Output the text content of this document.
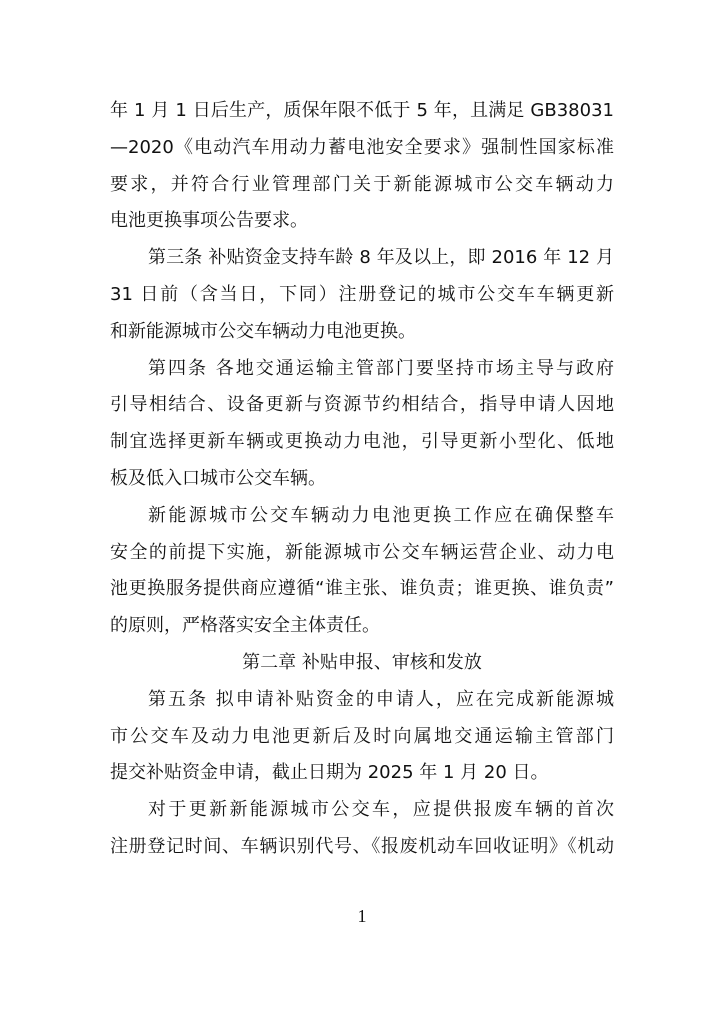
年 1 月 1 日后生产，质保年限不低于 5 年，且满足 GB38031
—2020《电动汽车用动力蓄电池安全要求》强制性国家标准
要求，并符合行业管理部门关于新能源城市公交车辆动力
电池更换事项公告要求。
第三条 补贴资金支持车龄 8 年及以上，即 2016 年 12 月
31 日前（含当日，下同）注册登记的城市公交车车辆更新
和新能源城市公交车辆动力电池更换。
第四条 各地交通运输主管部门要坚持市场主导与政府
引导相结合、设备更新与资源节约相结合，指导申请人因地
制宜选择更新车辆或更换动力电池，引导更新小型化、低地
板及低入口城市公交车辆。
新能源城市公交车辆动力电池更换工作应在确保整车
安全的前提下实施，新能源城市公交车辆运营企业、动力电
池更换服务提供商应遵循“谁主张、谁负责；谁更换、谁负责”
的原则，严格落实安全主体责任。
第二章 补贴申报、审核和发放
第五条 拟申请补贴资金的申请人，应在完成新能源城
市公交车及动力电池更新后及时向属地交通运输主管部门
提交补贴资金申请，截止日期为 2025 年 1 月 20 日。
对于更新新能源城市公交车，应提供报废车辆的首次
注册登记时间、车辆识别代号、《报废机动车回收证明》《机动
1
